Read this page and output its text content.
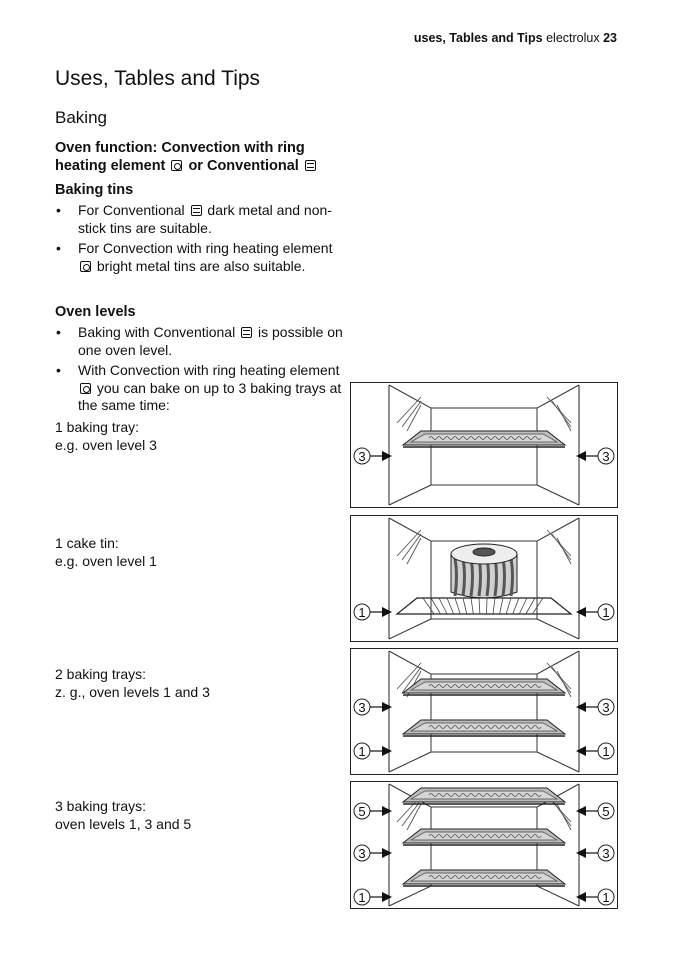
uses, Tables and Tips electrolux 23
Uses, Tables and Tips
Baking
Oven function: Convection with ring
heating element or Conventional
Baking tins
• For Conventional dark metal and non-stick tins are suitable.
• For Convection with ring heating element  bright metal tins are also suitable.
Oven levels
• Baking with Conventional is possible on one oven level.
• With Convection with ring heating element  you can bake on up to 3 baking trays at the same time:
1 baking tray:
e.g. oven level 3
1 cake tin:
e.g. oven level 1
2 baking trays:
z. g., oven levels 1 and 3
3 baking trays:
oven levels 1, 3 and 5
3	3
1	1
3	3
1	1
5	5
3	3
1	1
